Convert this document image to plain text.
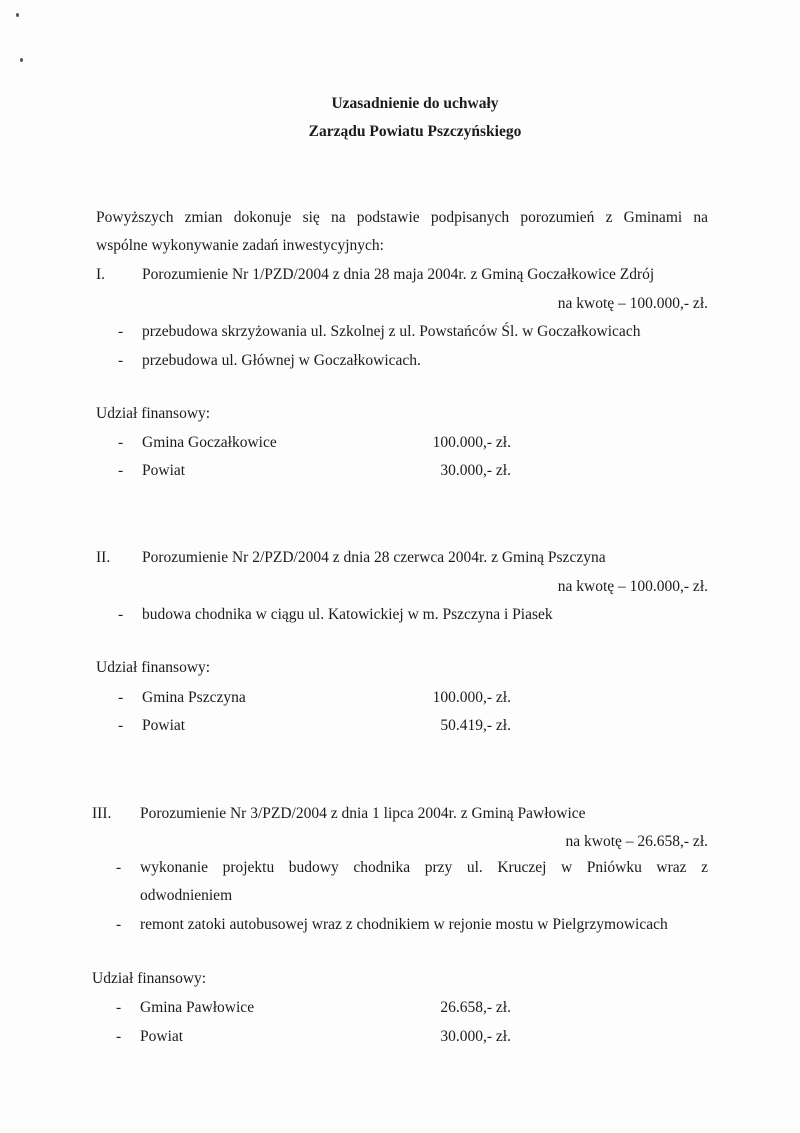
Uzasadnienie do uchwały
Zarządu Powiatu Pszczyńskiego
Powyższych zmian dokonuje się na podstawie podpisanych porozumień z Gminami na
wspólne wykonywanie zadań inwestycyjnych:
I. Porozumienie Nr 1/PZD/2004 z dnia 28 maja 2004r. z Gminą Goczałkowice Zdrój
na kwotę – 100.000,- zł.
- przebudowa skrzyżowania ul. Szkolnej z ul. Powstańców Śl. w Goczałkowicach
- przebudowa ul. Głównej w Goczałkowicach.
Udział finansowy:
- Gmina Goczałkowice	100.000,- zł.
- Powiat	30.000,- zł.
II. Porozumienie Nr 2/PZD/2004 z dnia 28 czerwca 2004r. z Gminą Pszczyna
na kwotę – 100.000,- zł.
- budowa chodnika w ciągu ul. Katowickiej w m. Pszczyna i Piasek
Udział finansowy:
- Gmina Pszczyna	100.000,- zł.
- Powiat	50.419,- zł.
III. Porozumienie Nr 3/PZD/2004 z dnia 1 lipca 2004r. z Gminą Pawłowice
na kwotę – 26.658,- zł.
- wykonanie projektu budowy chodnika przy ul. Kruczej w Pniówku wraz z
odwodnieniem
- remont zatoki autobusowej wraz z chodnikiem w rejonie mostu w Pielgrzymowicach
Udział finansowy:
- Gmina Pawłowice	26.658,- zł.
- Powiat	30.000,- zł.
